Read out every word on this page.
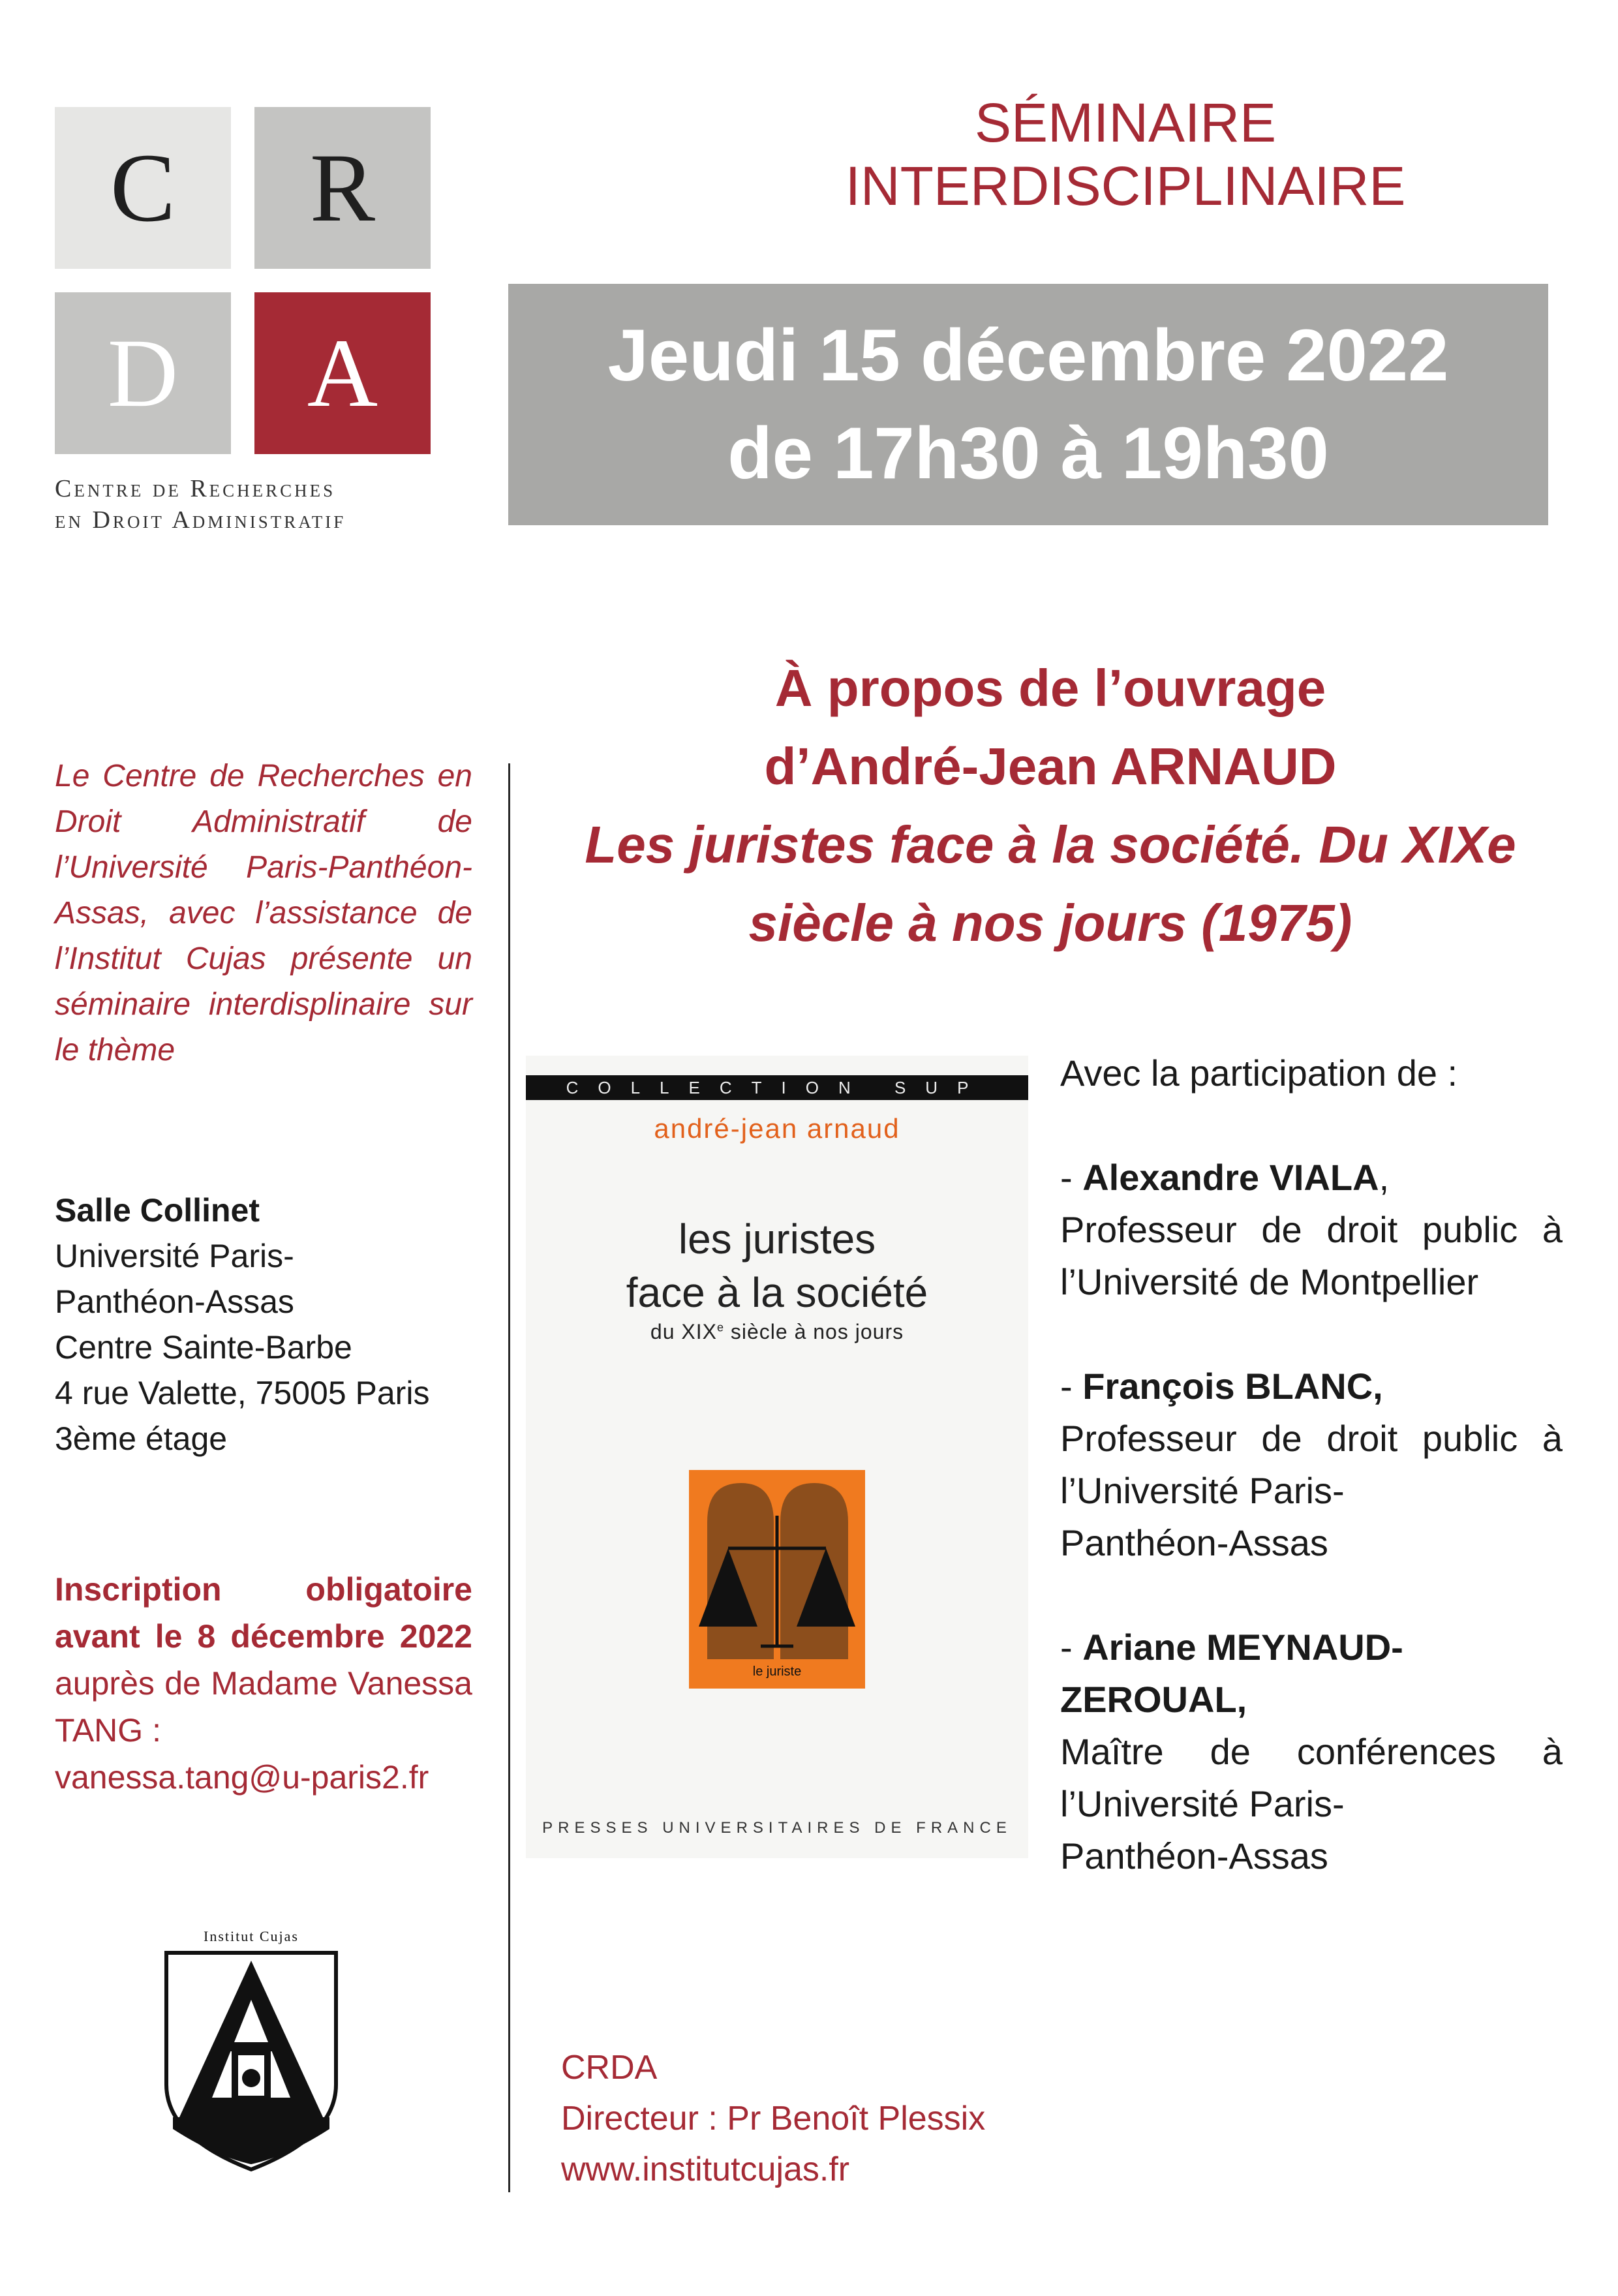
C R
D A
Centre de Recherches
en Droit Administratif
SÉMINAIRE INTERDISCIPLINAIRE
Jeudi 15 décembre 2022
de 17h30 à 19h30
À propos de l’ouvrage
d’André-Jean ARNAUD
Les juristes face à la société. Du XIXe
siècle à nos jours (1975)
Le Centre de Recherches en Droit Administratif de l’Université Paris-Panthéon-Assas, avec l’assistance de l’Institut Cujas présente un séminaire interdisplinaire sur le thème
Salle Collinet
Université Paris-
Panthéon-Assas
Centre Sainte-Barbe
4 rue Valette, 75005 Paris
3ème étage
Inscription obligatoire avant le 8 décembre 2022 auprès de Madame Vanessa TANG :
vanessa.tang@u-paris2.fr
Institut Cujas
COLLECTION SUP
andré-jean arnaud
les juristes
face à la société
du XIXe siècle à nos jours
le juriste
PRESSES UNIVERSITAIRES DE FRANCE

Avec la participation de :

- Alexandre VIALA,

Professeur de droit public à

l’Université de Montpellier

- François BLANC,

Professeur de droit public à

l’Université Paris-

Panthéon-Assas

- Ariane MEYNAUD-ZEROUAL,

Maître de conférences à

l’Université Paris-

Panthéon-Assas

CRDA
Directeur : Pr Benoît Plessix
www.institutcujas.fr
